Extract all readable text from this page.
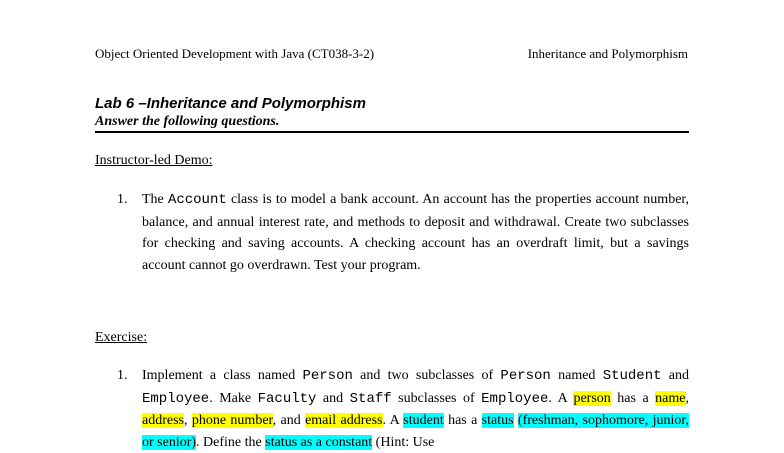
Object Oriented Development with Java (CT038-3-2)	Inheritance and Polymorphism
Lab 6 –Inheritance and Polymorphism
Answer the following questions.
Instructor-led Demo:
1. The Account class is to model a bank account. An account has the properties account number, balance, and annual interest rate, and methods to deposit and withdrawal. Create two subclasses for checking and saving accounts. A checking account has an overdraft limit, but a savings account cannot go overdrawn. Test your program.
Exercise:
1. Implement a class named Person and two subclasses of Person named Student and Employee. Make Faculty and Staff subclasses of Employee. A person has a name, address, phone number, and email address. A student has a status (freshman, sophomore, junior, or senior). Define the status as a constant (Hint: Use
